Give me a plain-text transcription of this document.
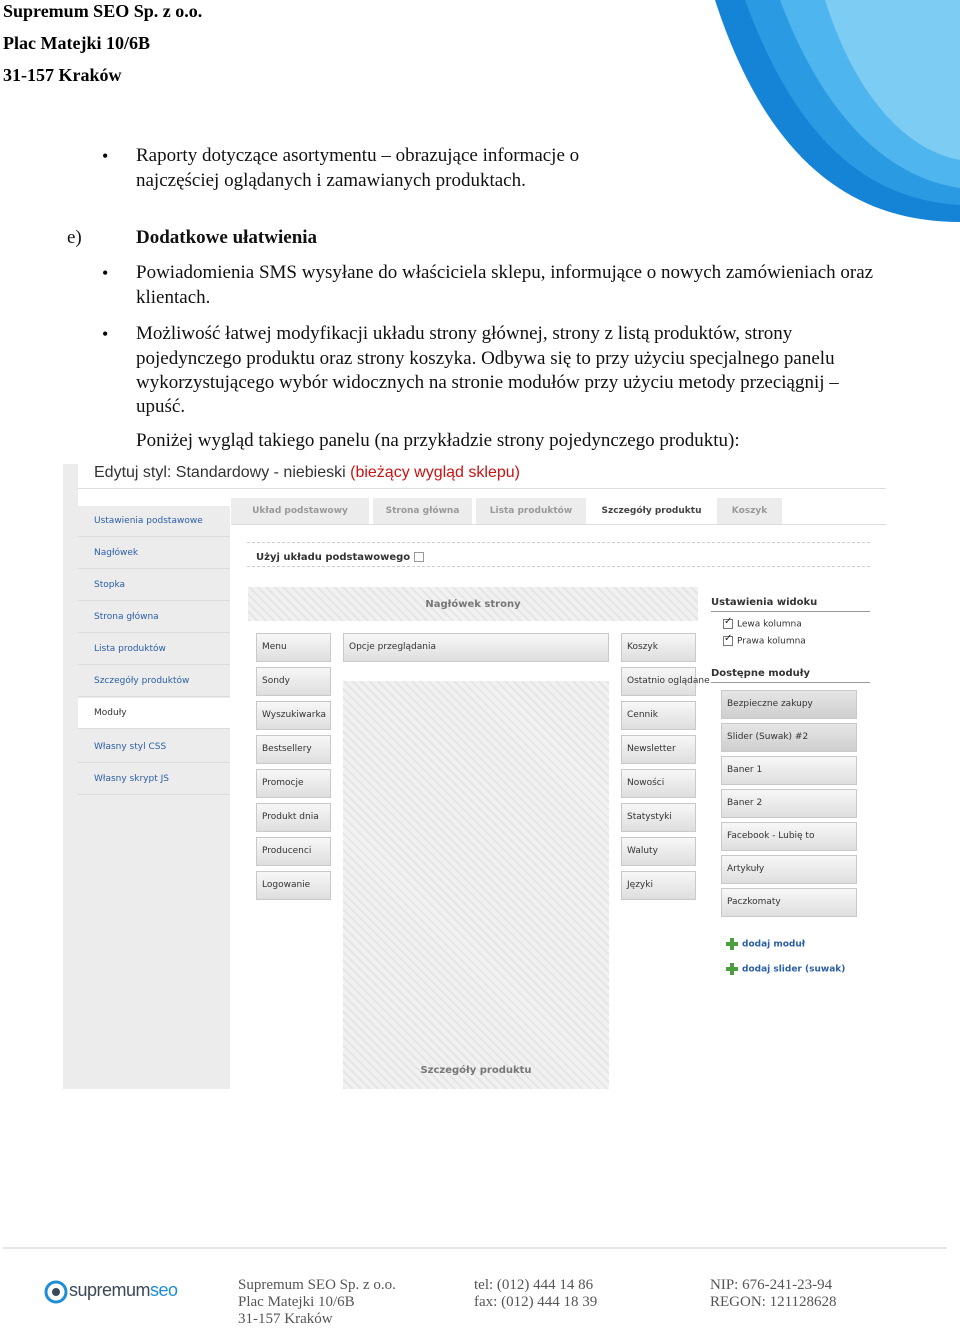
Supremum SEO Sp. z o.o.
Plac Matejki 10/6B
31-157 Kraków
• Raporty dotyczące asortymentu – obrazujące informacje o
najczęściej oglądanych i zamawianych produktach.
e)	Dodatkowe ułatwienia
• Powiadomienia SMS wysyłane do właściciela sklepu, informujące o nowych zamówieniach oraz
klientach.
• Możliwość łatwej modyfikacji układu strony głównej, strony z listą produktów, strony
pojedynczego produktu oraz strony koszyka. Odbywa się to przy użyciu specjalnego panelu
wykorzystującego wybór widocznych na stronie modułów przy użyciu metody przeciągnij –
upuść.
Poniżej wygląd takiego panelu (na przykładzie strony pojedynczego produktu):
Edytuj styl: Standardowy - niebieski (bieżący wygląd sklepu)
Ustawienia podstawowe
Nagłówek
Stopka
Strona główna
Lista produktów
Szczegóły produktów
Moduły
Własny styl CSS
Własny skrypt JS
Układ podstawowy	Strona główna	Lista produktów	Szczegóły produktu	Koszyk
Użyj układu podstawowego
Nagłówek strony
Menu
Sondy
Wyszukiwarka
Bestsellery
Promocje
Produkt dnia
Producenci
Logowanie
Opcje przeglądania
Szczegóły produktu
Koszyk
Ostatnio oglądane
Cennik
Newsletter
Nowości
Statystyki
Waluty
Języki
Ustawienia widoku
✓Lewa kolumna
✓Prawa kolumna
Dostępne moduły
Bezpieczne zakupy
Slider (Suwak) #2
Baner 1
Baner 2
Facebook - Lubię to
Artykuły
Paczkomaty
dodaj moduł
dodaj slider (suwak)
supremumseo	Supremum SEO Sp. z o.o.
Plac Matejki 10/6B
31-157 Kraków
tel: (012) 444 14 86
fax: (012) 444 18 39
NIP: 676-241-23-94
REGON: 121128628
